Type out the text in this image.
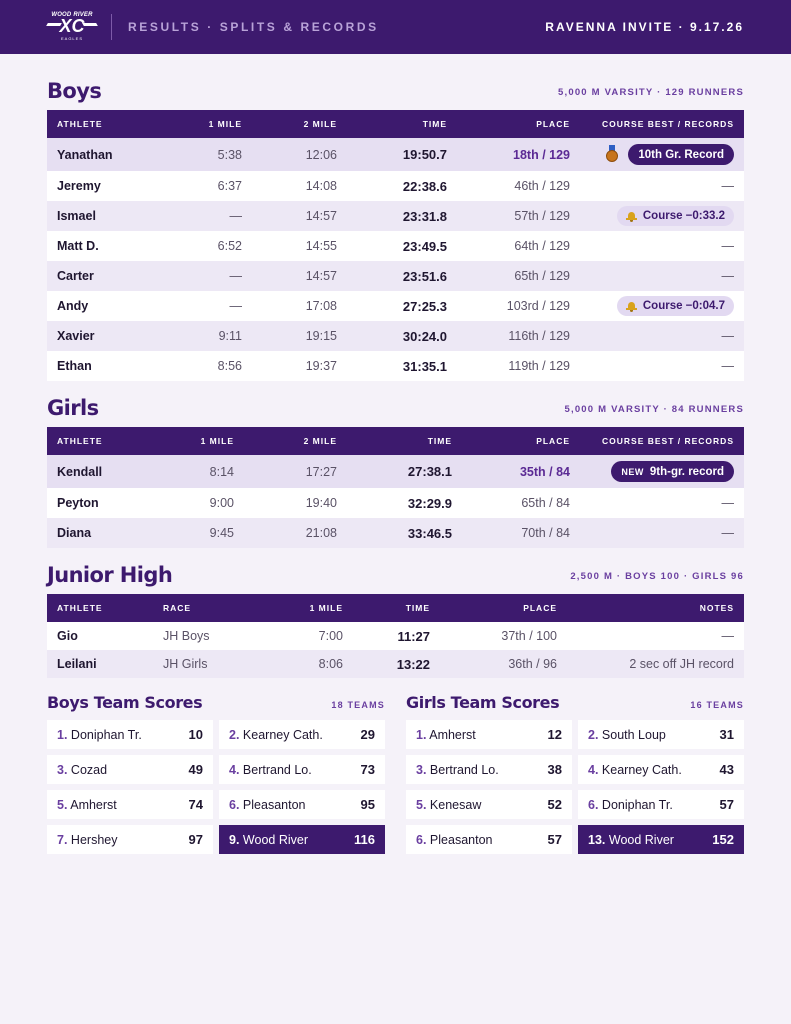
WOOD RIVER
XC
EAGLES
RESULTS · SPLITS & RECORDS	RAVENNA INVITE · 9.17.26
Boys	5,000 M VARSITY · 129 RUNNERS
ATHLETE	1 MILE	2 MILE	TIME	PLACE	COURSE BEST / RECORDS
Yanathan	5:38	12:06	19:50.7	18th / 129	10th Gr. Record
Jeremy	6:37	14:08	22:38.6	46th / 129	—
Ismael	—	14:57	23:31.8	57th / 129	Course −0:33.2

Matt D.	6:52	14:55	23:49.5	64th / 129	—
Carter	—	14:57	23:51.6	65th / 129	—
Andy	—	17:08	27:25.3	103rd / 129	Course −0:04.7

Xavier	9:11	19:15	30:24.0	116th / 129	—
Ethan	8:56	19:37	31:35.1	119th / 129	—
Girls	5,000 M VARSITY · 84 RUNNERS
ATHLETE	1 MILE	2 MILE	TIME	PLACE	COURSE BEST / RECORDS
Kendall	8:14	17:27	27:38.1	35th / 84	NEW 9th-gr. record

Peyton	9:00	19:40	32:29.9	65th / 84	—
Diana	9:45	21:08	33:46.5	70th / 84	—
Junior High	2,500 M · BOYS 100 · GIRLS 96
ATHLETE	RACE	1 MILE	TIME	PLACE	NOTES
Gio	JH Boys	7:00	11:27	37th / 100	—
Leilani	JH Girls	8:06	13:22	36th / 96	2 sec off JH record
Boys Team Scores	18 TEAMS
1. Doniphan Tr.	10 2. Kearney Cath.	29
3. Cozad	49 4. Bertrand Lo.	73
5. Amherst	74 6. Pleasanton	95
7. Hershey	97 9. Wood River	116
Girls Team Scores	16 TEAMS
1. Amherst	12 2. South Loup	31
3. Bertrand Lo.	38 4. Kearney Cath.	43
5. Kenesaw	52 6. Doniphan Tr.	57
6. Pleasanton	57 13. Wood River	152
